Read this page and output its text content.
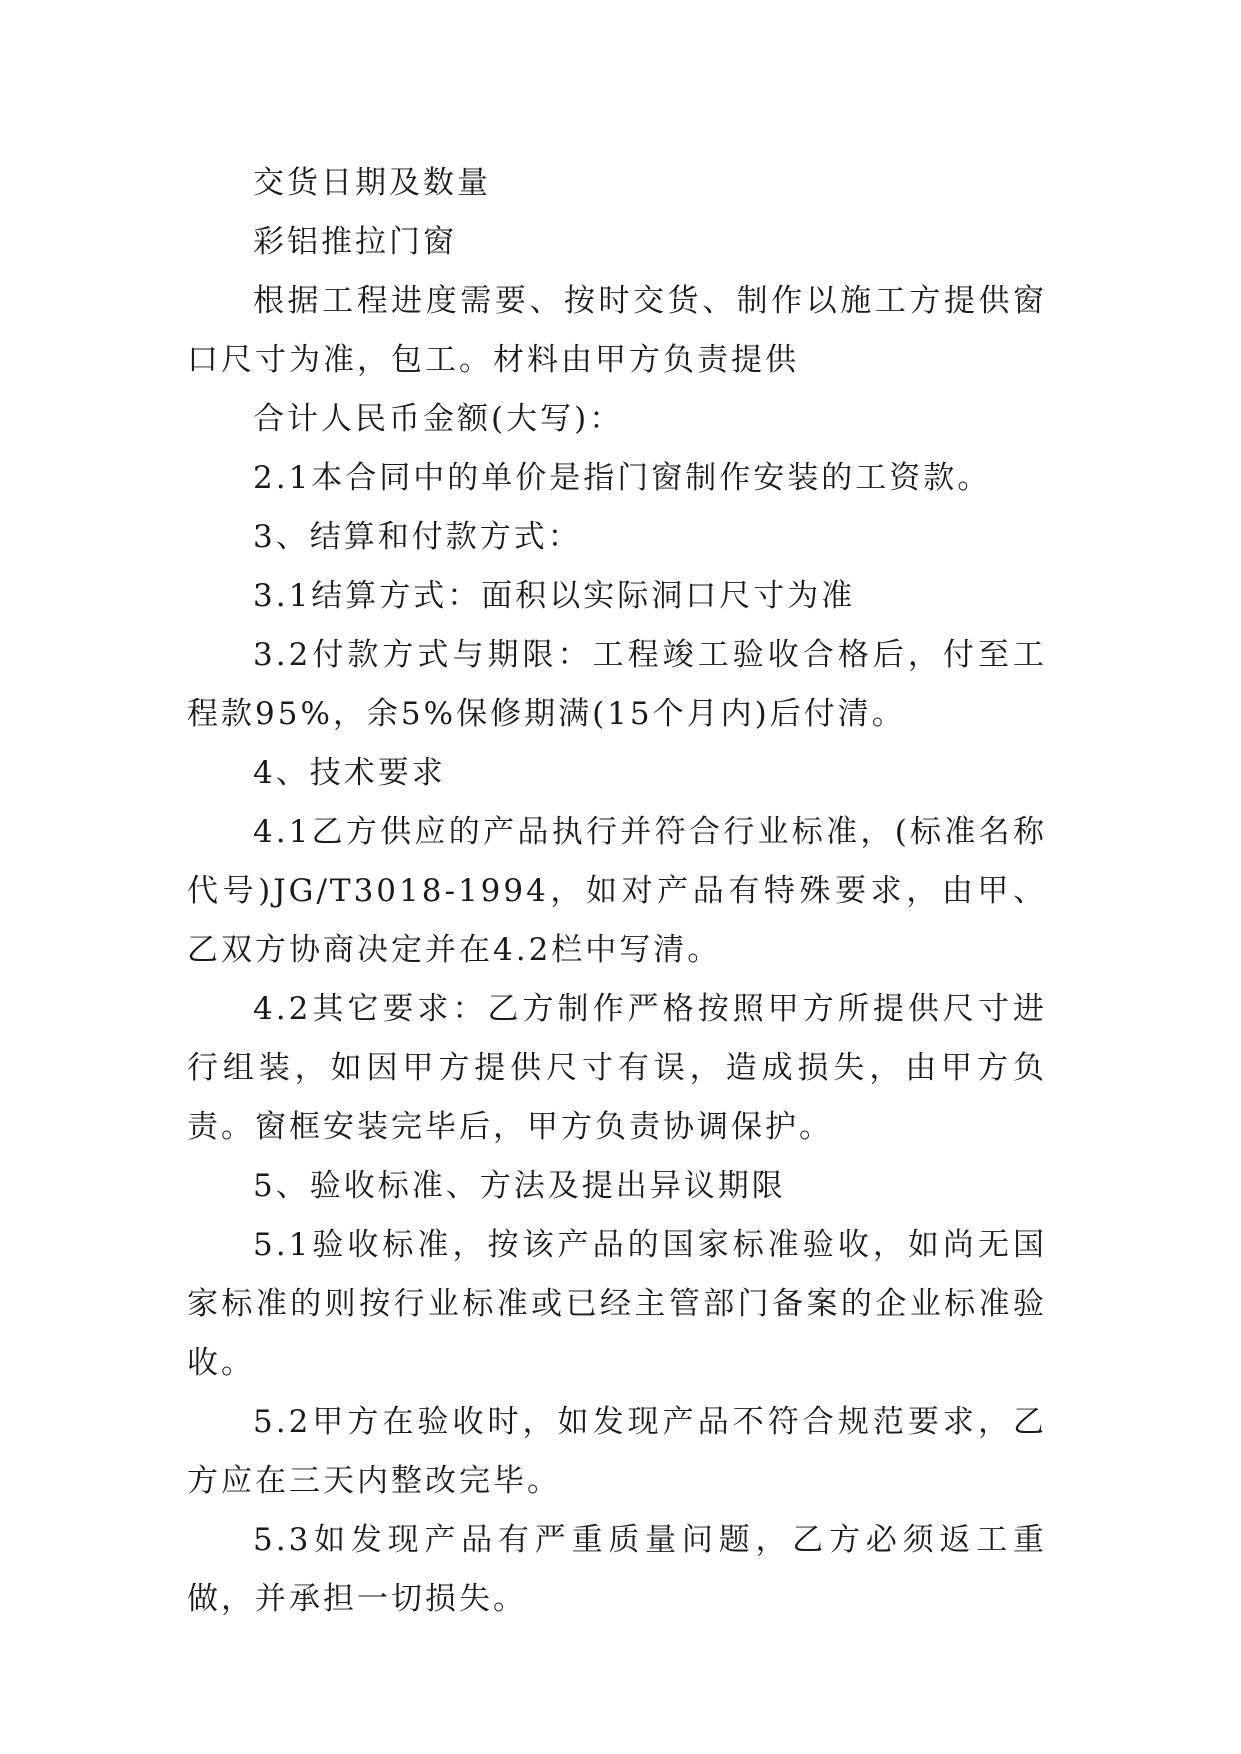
交货日期及数量

彩铝推拉门窗

根据工程进度需要、按时交货、制作以施工方提供窗口尺寸为准，包工。材料由甲方负责提供

合计人民币金额(大写)：

2.1本合同中的单价是指门窗制作安装的工资款。

3、结算和付款方式：

3.1结算方式：面积以实际洞口尺寸为准

3.2付款方式与期限：工程竣工验收合格后，付至工程款95%，余5%保修期满(15个月内)后付清。

4、技术要求

4.1乙方供应的产品执行并符合行业标准，(标准名称代号)JG/T3018-1994，如对产品有特殊要求，由甲、乙双方协商决定并在4.2栏中写清。

4.2其它要求：乙方制作严格按照甲方所提供尺寸进行组装，如因甲方提供尺寸有误，造成损失，由甲方负责。窗框安装完毕后，甲方负责协调保护。

5、验收标准、方法及提出异议期限

5.1验收标准，按该产品的国家标准验收，如尚无国家标准的则按行业标准或已经主管部门备案的企业标准验收。

5.2甲方在验收时，如发现产品不符合规范要求，乙方应在三天内整改完毕。

5.3如发现产品有严重质量问题，乙方必须返工重做，并承担一切损失。
